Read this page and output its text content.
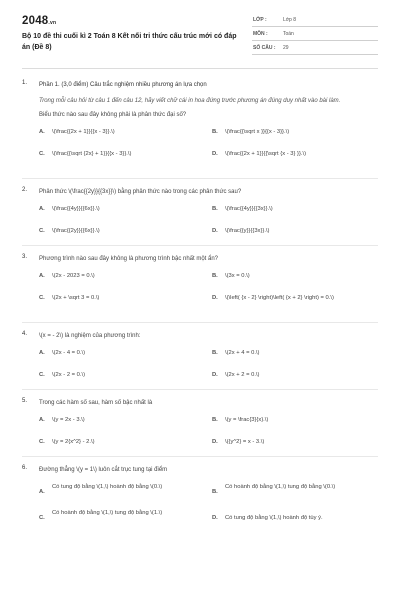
2048.vn
Bộ 10 đề thi cuối kì 2 Toán 8 Kết nối tri thức cấu trúc mới có đáp án (Đề 8)
LỚP :	Lớp 8
MÔN :	Toán
SỐ CÂU : 29
1. Phần 1. (3,0 điểm) Câu trắc nghiệm nhiều phương án lựa chọn
Trong mỗi câu hỏi từ câu 1 đến câu 12, hãy viết chữ cái in hoa đứng trước phương án đúng duy nhất vào bài làm.
Biểu thức nào sau đây không phải là phân thức đại số?
A. \(\frac{{2x + 1}}{{x - 3}}.\)	B. \(\frac{{\sqrt x }}{{x - 3}}.\)
C. \(\frac{{\sqrt {2x} + 1}}{{x - 3}}.\)	D. \(\frac{{2x + 1}}{{\sqrt {x - 3} }}.\)
2. Phân thức \(\frac{{2y}}{{3x}}\) bằng phân thức nào trong các phân thức sau?
A. \(\frac{{4y}}{{6x}}.\)	B. \(\frac{{4y}}{{3x}}.\)
C. \(\frac{{2y}}{{6x}}.\)	D. \(\frac{{y}}{{3x}}.\)
3. Phương trình nào sau đây không là phương trình bậc nhất một ẩn?
A. \(2x - 2023 = 0.\)	B. \(3x = 0.\)
C. \(2x + \sqrt 3 = 0.\)	D. \(\left( {x - 2} \right)\left( {x + 2} \right) = 0.\)
4. \(x = - 2\) là nghiệm của phương trình:
A. \(2x - 4 = 0.\)	B. \(2x + 4 = 0.\)
C. \(2x - 2 = 0.\)	D. \(2x + 2 = 0.\)
5. Trong các hàm số sau, hàm số bậc nhất là
A. \(y = 2x - 3.\)	B. \(y = \frac{3}{x}.\)
C. \(y = 2{x^2} - 2.\)	D. \({y^2} = x - 3.\)
6. Đường thẳng \(y = 1\) luôn cắt trục tung tại điểm
A.
Có tung độ bằng \(1,\) hoành độ bằng \(0.\)
B.
Có hoành độ bằng \(1,\) tung độ bằng \(0.\)
C.
Có hoành độ bằng \(1,\) tung độ bằng \(1.\)
D. Có tung độ bằng \(1,\) hoành độ tùy ý.
